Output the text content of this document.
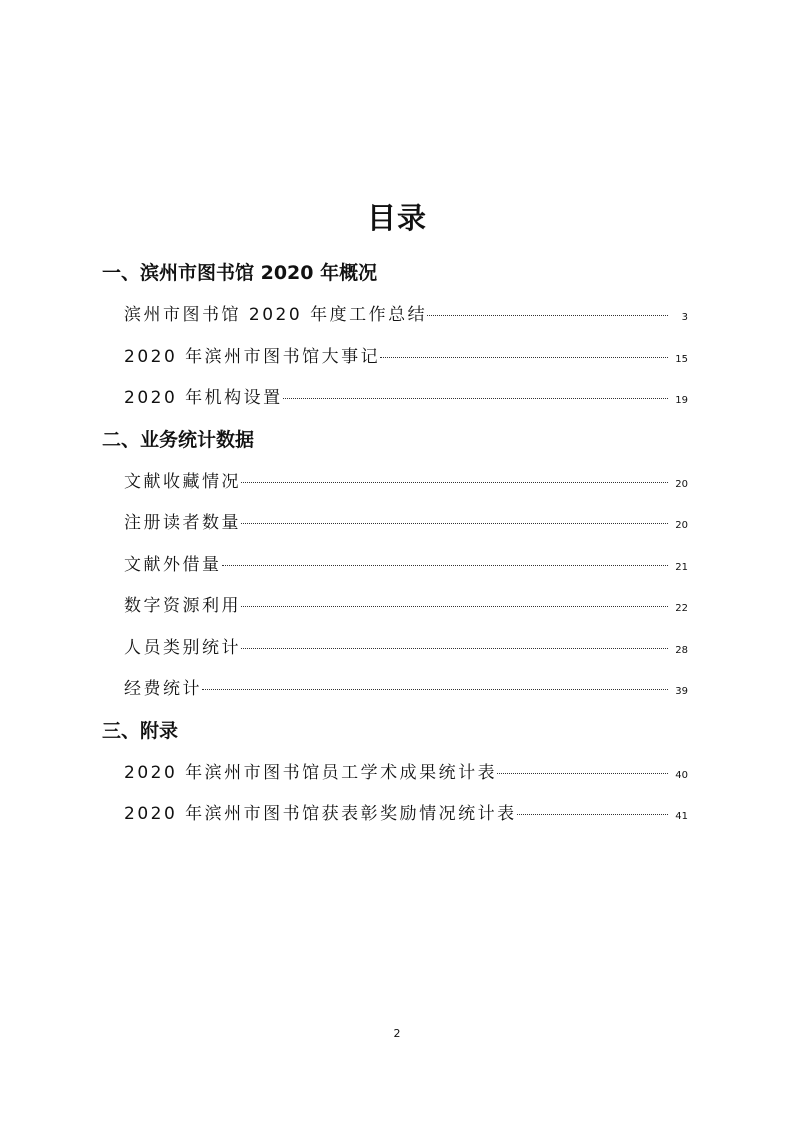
目录
一、滨州市图书馆 2020 年概况
滨州市图书馆 2020 年度工作总结	3
2020 年滨州市图书馆大事记	15
2020 年机构设置	19
二、业务统计数据
文献收藏情况	20
注册读者数量	20
文献外借量	21
数字资源利用	22
人员类别统计	28
经费统计	39
三、附录
2020 年滨州市图书馆员工学术成果统计表	40
2020 年滨州市图书馆获表彰奖励情况统计表	41
2
